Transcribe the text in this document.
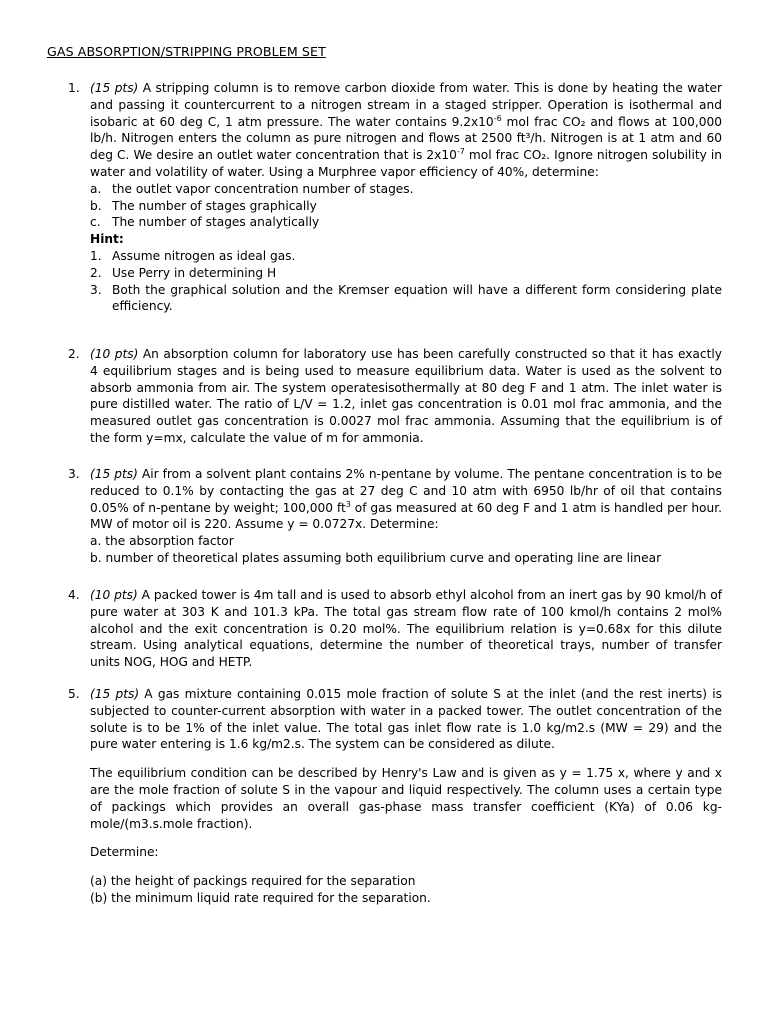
GAS ABSORPTION/STRIPPING PROBLEM SET
1. (15 pts) A stripping column is to remove carbon dioxide from water. This is done by heating the water and passing it countercurrent to a nitrogen stream in a staged stripper. Operation is isothermal and isobaric at 60 deg C, 1 atm pressure. The water contains $9.2x10^{-6}$ mol frac CO₂ and flows at 100,000 lb/h. Nitrogen enters the column as pure nitrogen and flows at 2500 ft³/h. Nitrogen is at 1 atm and 60 deg C. We desire an outlet water concentration that is $2x10^{-7}$ mol frac CO₂. Ignore nitrogen solubility in water and volatility of water. Using a Murphree vapor efficiency of 40%, determine:

a. the outlet vapor concentration number of stages.
b. The number of stages graphically
c. The number of stages analytically
Hint:
1. Assume nitrogen as ideal gas.
2. Use Perry in determining H
3. Both the graphical solution and the Kremser equation will have a different form considering plate efficiency.
2. (10 pts) An absorption column for laboratory use has been carefully constructed so that it has exactly 4 equilibrium stages and is being used to measure equilibrium data. Water is used as the solvent to absorb ammonia from air. The system operatesisothermally at 80 deg F and 1 atm. The inlet water is pure distilled water. The ratio of L/V = 1.2, inlet gas concentration is 0.01 mol frac ammonia, and the measured outlet gas concentration is 0.0027 mol frac ammonia. Assuming that the equilibrium is of the form y=mx, calculate the value of m for ammonia.

3. (15 pts) Air from a solvent plant contains 2% n-pentane by volume. The pentane concentration is to be reduced to 0.1% by contacting the gas at 27 deg C and 10 atm with 6950 lb/hr of oil that contains 0.05% of n-pentane by weight; 100,000 $ft^3$ of gas measured at 60 deg F and 1 atm is handled per hour. MW of motor oil is 220. Assume y = 0.0727x. Determine:

a. the absorption factor
b. number of theoretical plates assuming both equilibrium curve and operating line are linear
4. (10 pts) A packed tower is 4m tall and is used to absorb ethyl alcohol from an inert gas by 90 kmol/h of pure water at 303 K and 101.3 kPa. The total gas stream flow rate of 100 kmol/h contains 2 mol% alcohol and the exit concentration is 0.20 mol%. The equilibrium relation is y=0.68x for this dilute stream. Using analytical equations, determine the number of theoretical trays, number of transfer units NOG, HOG and HETP.

5. (15 pts) A gas mixture containing 0.015 mole fraction of solute S at the inlet (and the rest inerts) is subjected to counter-current absorption with water in a packed tower. The outlet concentration of the solute is to be 1% of the inlet value. The total gas inlet flow rate is 1.0 kg/m2.s (MW = 29) and the pure water entering is 1.6 kg/m2.s. The system can be considered as dilute.

The equilibrium condition can be described by Henry's Law and is given as y = 1.75 x, where y and x are the mole fraction of solute S in the vapour and liquid respectively. The column uses a certain type of packings which provides an overall gas-phase mass transfer coefficient (KYa) of 0.06 kg-mole/(m3.s.mole fraction).

Determine:

(a) the height of packings required for the separation

(b) the minimum liquid rate required for the separation.
